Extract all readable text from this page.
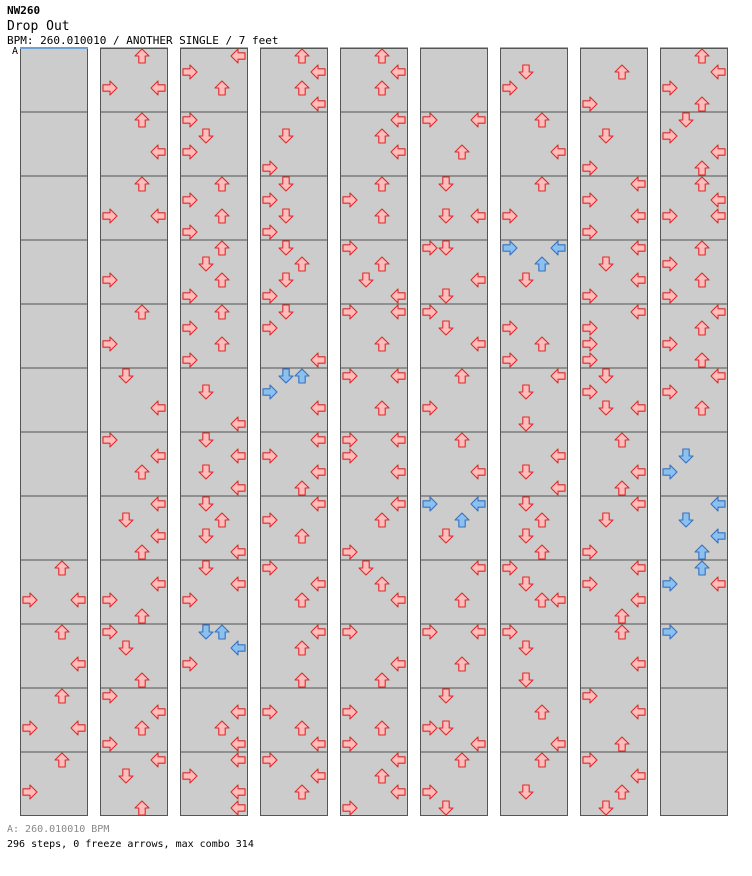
NW260
Drop Out
BPM: 260.010010 / ANOTHER SINGLE / 7 feet
A
A: 260.010010 BPM
296 steps, 0 freeze arrows, max combo 314
